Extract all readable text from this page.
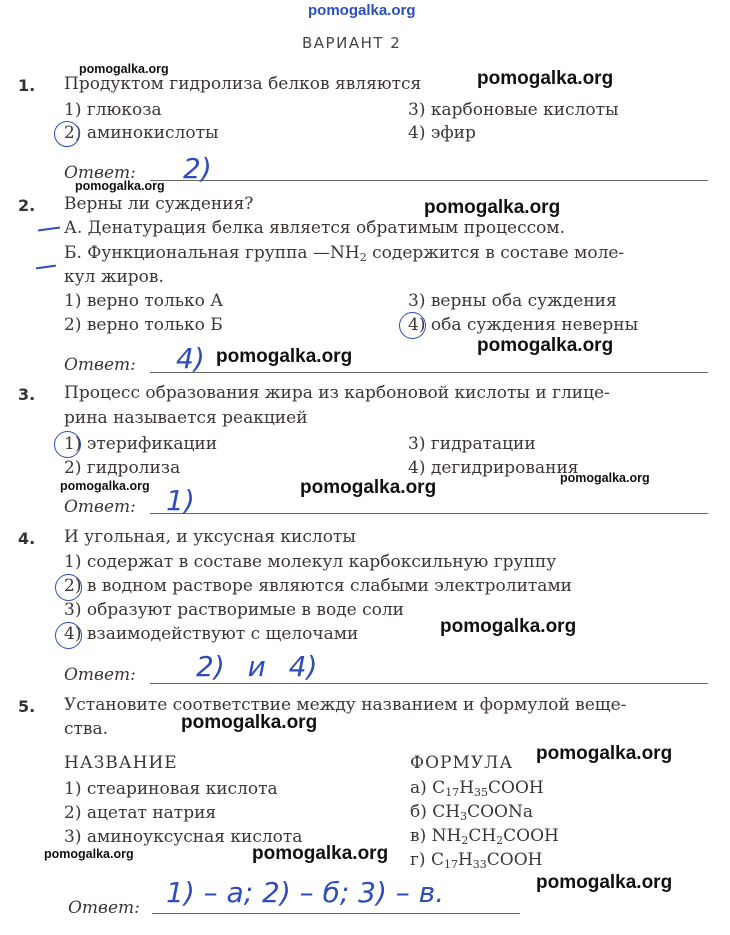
pomogalka.org
ВАРИАНТ 2
pomogalka.org
1. Продуктом гидролиза белков являются	pomogalka.org
1) глюкоза
2) аминокислоты
3) карбоновые кислоты
4) эфир
Ответ: 2)
pomogalka.org
2. Верны ли суждения?	pomogalka.org
А. Денатурация белка является обратимым процессом.
Б. Функциональная группа $—NH_2$ содержится в составе моле-
кул жиров.
1) верно только А
2) верно только Б
3) верны оба суждения
4) оба суждения неверны
Ответ: 4) pomogalka.org
pomogalka.org
3. Процесс образования жира из карбоновой кислоты и глице-
рина называется реакцией
1) этерификации
2) гидролиза
3) гидратации
4) дегидрирования
pomogalka.org	pomogalka.org	pomogalka.org
Ответ: 1)
4. И угольная, и уксусная кислоты
1) содержат в составе молекул карбоксильную группу
2) в водном растворе являются слабыми электролитами
3) образуют растворимые в воде соли
4) взаимодействуют с щелочами	pomogalka.org
Ответ: 2) и 4)
5. Установите соответствие между названием и формулой веще-
ства.	pomogalka.org
НАЗВАНИЕ	ФОРМУЛА pomogalka.org
1) стеариновая кислота
2) ацетат натрия
3) аминоуксусная кислота
а) $С_{17}Н_{35}СООН$
б) $СН_3СООNa$
в) $NH_2СН_2СООН$
г) $С_{17}Н_{33}СООН$
pomogalka.org	pomogalka.org
pomogalka.org
Ответ: 1) – а; 2) – б; 3) – в.
